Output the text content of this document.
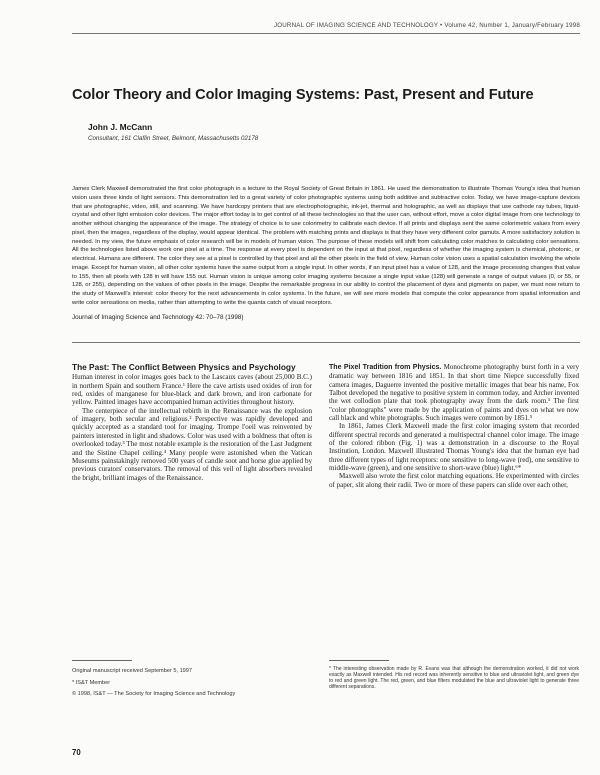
JOURNAL OF IMAGING SCIENCE AND TECHNOLOGY • Volume 42, Number 1, January/February 1998
Color Theory and Color Imaging Systems: Past, Present and Future
John J. McCann
Consultant, 161 Claflin Street, Belmont, Massachusetts 02178
James Clerk Maxwell demonstrated the first color photograph in a lecture to the Royal Society of Great Britain in 1861. He used the demonstration to illustrate Thomas Young's idea that human vision uses three kinds of light sensors. This demonstration led to a great variety of color photographic systems using both additive and subtractive color. Today, we have image-capture devices that are photographic, video, still, and scanning. We have hardcopy printers that are electrophotographic, ink-jet, thermal and holographic, as well as displays that use cathode ray tubes, liquid-crystal and other light emission color devices. The major effort today is to get control of all these technologies so that the user can, without effort, move a color digital image from one technology to another without changing the appearance of the image. The strategy of choice is to use colorimetry to calibrate each device. If all prints and displays sent the same colorimetric values from every pixel, then the images, regardless of the display, would appear identical. The problem with matching prints and displays is that they have very different color gamuts. A more satisfactory solution is needed. In my view, the future emphasis of color research will be in models of human vision. The purpose of these models will shift from calculating color matches to calculating color sensations. All the technologies listed above work one pixel at a time. The response at every pixel is dependent on the input at that pixel, regardless of whether the imaging system is chemical, photonic, or electrical. Humans are different. The color they see at a pixel is controlled by that pixel and all the other pixels in the field of view. Human color vision uses a spatial calculation involving the whole image. Except for human vision, all other color systems have the same output from a single input. In other words, if an input pixel has a value of 128, and the image processing changes that value to 155, then all pixels with 128 in will have 155 out. Human vision is unique among color imaging systems because a single input value (128) will generate a range of output values (0, or 55, or 128, or 255), depending on the values of other pixels in the image. Despite the remarkable progress in our ability to control the placement of dyes and pigments on paper, we must now return to the study of Maxwell's interest: color theory for the next advancements in color systems. In the future, we will see more models that compute the color appearance from spatial information and write color sensations on media, rather than attempting to write the quanta catch of visual receptors.
Journal of Imaging Science and Technology 42: 70–78 (1998)
The Past: The Conflict Between Physics and Psychology

Human interest in color images goes back to the Lascaux caves (about 25,000 B.C.) in northern Spain and southern France.¹ Here the cave artists used oxides of iron for red, oxides of manganese for blue-black and dark brown, and iron carbonate for yellow. Painted images have accompanied human activities throughout history.

The centerpiece of the intellectual rebirth in the Renaissance was the explosion of imagery, both secular and religious.² Perspective was rapidly developed and quickly accepted as a standard tool for imaging. Trompe l'oeil was reinvented by painters interested in light and shadows. Color was used with a boldness that often is overlooked today.³ The most notable example is the restoration of the Last Judgment and the Sistine Chapel ceiling.⁴ Many people were astonished when the Vatican Museums painstakingly removed 500 years of candle soot and horse glue applied by previous curators' conservators. The removal of this veil of light absorbers revealed the bright, brilliant images of the Renaissance.

The Pixel Tradition from Physics. Monochrome photography burst forth in a very dramatic way between 1816 and 1851. In that short time Niepce successfully fixed camera images, Daguerre invented the positive metallic images that bear his name, Fox Talbot developed the negative to positive system in common today, and Archer invented the wet collodion plate that took photography away from the dark room.⁵ The first "color photographs" were made by the application of paints and dyes on what we now call black and white photographs. Such images were common by 1851.⁵

In 1861, James Clerk Maxwell made the first color imaging system that recorded different spectral records and generated a multispectral channel color image. The image of the colored ribbon (Fig. 1) was a demonstration in a discourse to the Royal Institution, London. Maxwell illustrated Thomas Young's idea that the human eye had three different types of light receptors: one sensitive to long-wave (red), one sensitive to middle-wave (green), and one sensitive to short-wave (blue) light.⁶*

Maxwell also wrote the first color matching equations. He experimented with circles of paper, slit along their radii. Two or more of these papers can slide over each other,

Original manuscript received September 5, 1997
* IS&T Member
© 1998, IS&T — The Society for Imaging Science and Technology
* The interesting observation made by R. Evans was that although the demonstration worked, it did not work exactly as Maxwell intended. His red record was inherently sensitive to blue and ultraviolet light, and green dye to red and green light. The red, green, and blue filters modulated the blue and ultraviolet light to generate three different separations.
70
